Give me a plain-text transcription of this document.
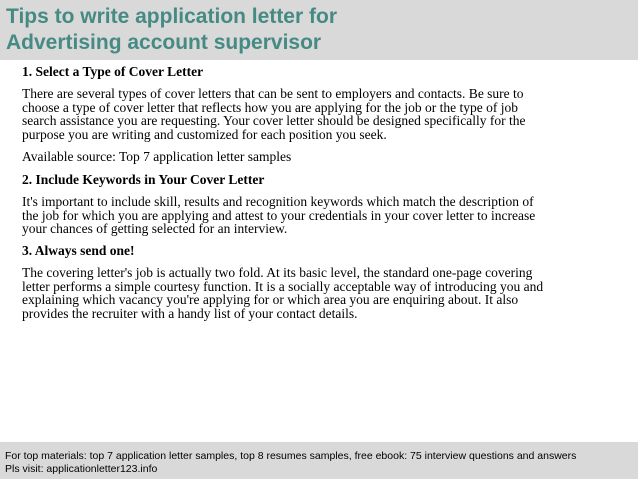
Tips to write application letter for
Advertising account supervisor
1. Select a Type of Cover Letter
There are several types of cover letters that can be sent to employers and contacts. Be sure to
choose a type of cover letter that reflects how you are applying for the job or the type of job
search assistance you are requesting. Your cover letter should be designed specifically for the
purpose you are writing and customized for each position you seek.
Available source: Top 7 application letter samples
2. Include Keywords in Your Cover Letter
It's important to include skill, results and recognition keywords which match the description of
the job for which you are applying and attest to your credentials in your cover letter to increase
your chances of getting selected for an interview.
3. Always send one!
The covering letter's job is actually two fold. At its basic level, the standard one-page covering
letter performs a simple courtesy function. It is a socially acceptable way of introducing you and
explaining which vacancy you're applying for or which area you are enquiring about. It also
provides the recruiter with a handy list of your contact details.
For top materials: top 7 application letter samples, top 8 resumes samples, free ebook: 75 interview questions and answers
Pls visit: applicationletter123.info
